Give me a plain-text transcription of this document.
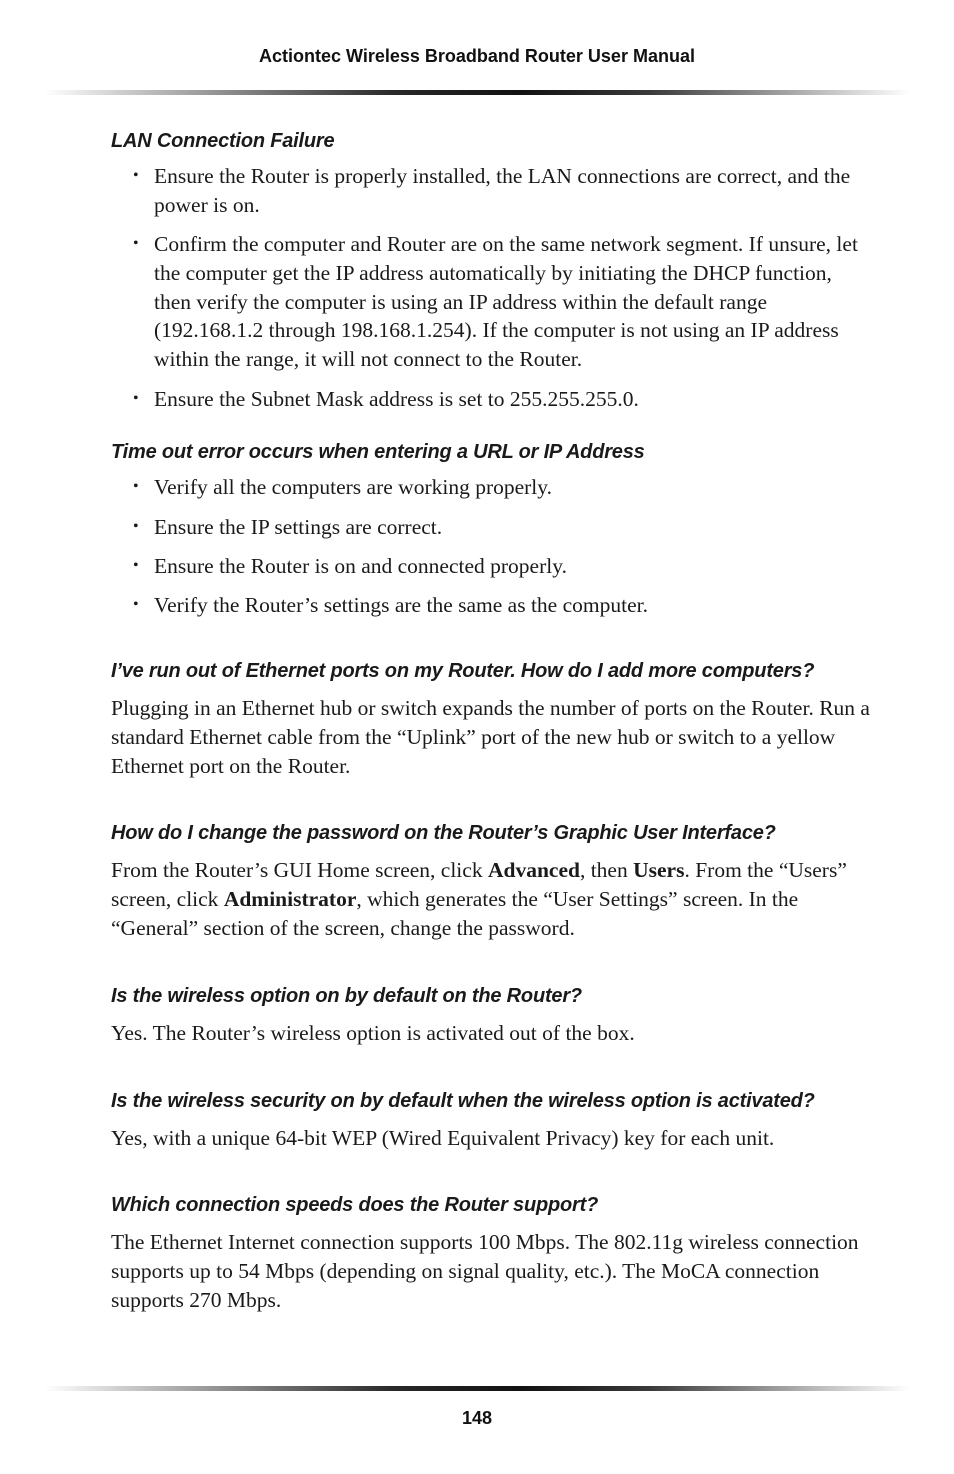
Actiontec Wireless Broadband Router User Manual

LAN Connection Failure

• Ensure the Router is properly installed, the LAN connections are correct, and the power is on.
• Confirm the computer and Router are on the same network segment. If unsure, let the computer get the IP address automatically by initiating the DHCP function, then verify the computer is using an IP address within the default range (192.168.1.2 through 198.168.1.254). If the computer is not using an IP address within the range, it will not connect to the Router.
• Ensure the Subnet Mask address is set to 255.255.255.0.

Time out error occurs when entering a URL or IP Address

• Verify all the computers are working properly.
• Ensure the IP settings are correct.
• Ensure the Router is on and connected properly.
• Verify the Router’s settings are the same as the computer.

I’ve run out of Ethernet ports on my Router. How do I add more computers?

Plugging in an Ethernet hub or switch expands the number of ports on the Router. Run a standard Ethernet cable from the “Uplink” port of the new hub or switch to a yellow Ethernet port on the Router.

How do I change the password on the Router’s Graphic User Interface?

From the Router’s GUI Home screen, click Advanced, then Users. From the “Users” screen, click Administrator, which generates the “User Settings” screen. In the “General” section of the screen, change the password.

Is the wireless option on by default on the Router?

Yes. The Router’s wireless option is activated out of the box.

Is the wireless security on by default when the wireless option is activated?

Yes, with a unique 64-bit WEP (Wired Equivalent Privacy) key for each unit.

Which connection speeds does the Router support?

The Ethernet Internet connection supports 100 Mbps. The 802.11g wireless connection supports up to 54 Mbps (depending on signal quality, etc.). The MoCA connection supports 270 Mbps.

148
